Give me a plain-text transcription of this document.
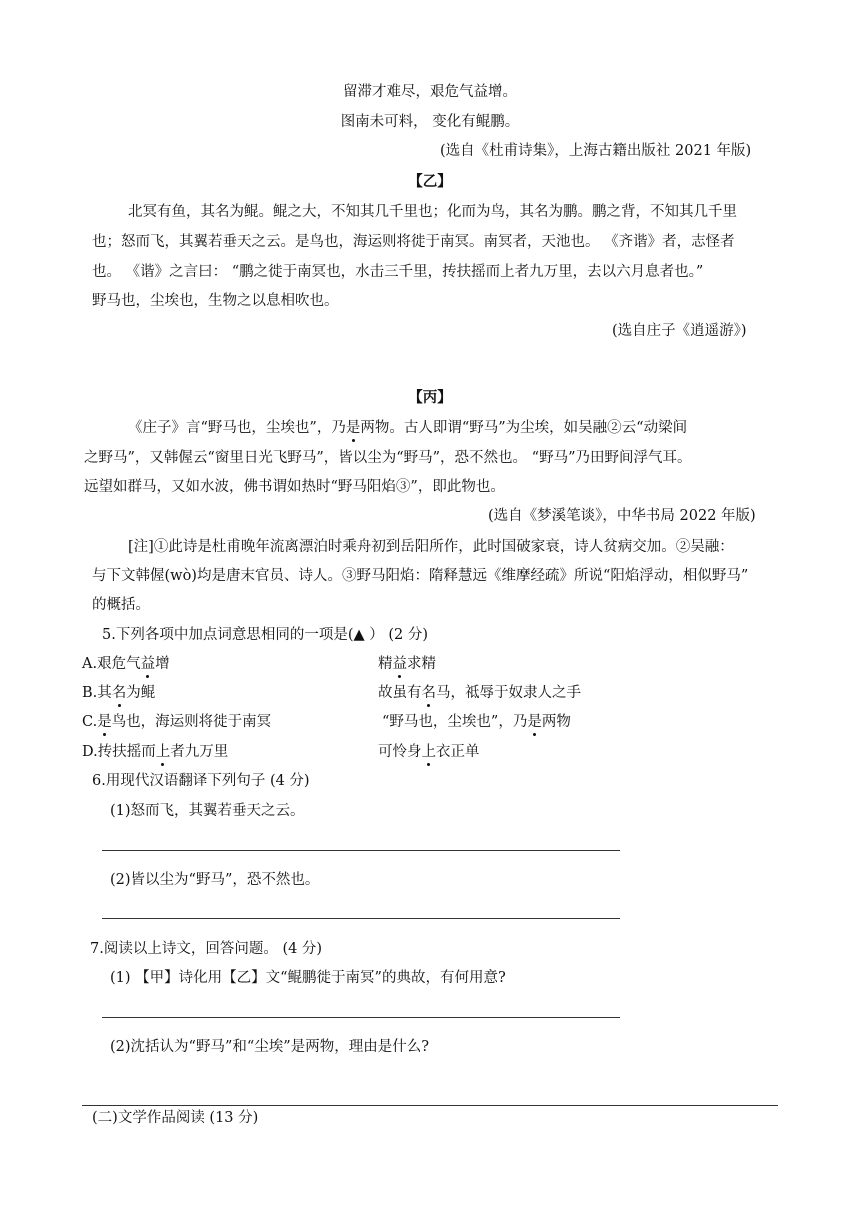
留滞才难尽，艰危气益增。
图南未可料， 变化有鲲鹏。
(选自《杜甫诗集》，上海古籍出版社 2021 年版)
【乙】
北冥有鱼，其名为鲲。鲲之大，不知其几千里也；化而为鸟，其名为鹏。鹏之背，不知其几千里
也；怒而飞，其翼若垂天之云。是鸟也，海运则将徙于南冥。南冥者，天池也。 《齐谐》者，志怪者
也。 《谐》之言曰： “鹏之徙于南冥也，水击三千里，抟扶摇而上者九万里，去以六月息者也。”
野马也，尘埃也，生物之以息相吹也。
(选自庄子《逍遥游》)
【丙】
《庄子》言“野马也，尘埃也”，乃是两物。古人即谓“野马”为尘埃，如吴融②云“动梁间
之野马”，又韩偓云“窗里日光飞野马”，皆以尘为“野马”，恐不然也。 “野马”乃田野间浮气耳。
远望如群马，又如水波，佛书谓如热时“野马阳焰③”，即此物也。
(选自《梦溪笔谈》，中华书局 2022 年版)
[注]①此诗是杜甫晚年流离漂泊时乘舟初到岳阳所作，此时国破家衰，诗人贫病交加。②吴融：
与下文韩偓(wò)均是唐末官员、诗人。③野马阳焰：隋释慧远《维摩经疏》所说“阳焰浮动，相似野马”
的概括。
5.下列各项中加点词意思相同的一项是(▲ ） (2 分)
A.艰危气益增	精益求精
B.其名为鲲	故虽有名马，祗辱于奴隶人之手
C.是鸟也，海运则将徙于南冥	“野马也，尘埃也”，乃是两物
D.抟扶摇而上者九万里	可怜身上衣正单
6.用现代汉语翻译下列句子 (4 分)
(1)怒而飞，其翼若垂天之云。
(2)皆以尘为“野马”，恐不然也。
7.阅读以上诗文，回答问题。 (4 分)
(1) 【甲】诗化用【乙】文“鲲鹏徙于南冥”的典故，有何用意?
(2)沈括认为“野马”和“尘埃”是两物，理由是什么?
(二)文学作品阅读 (13 分)
